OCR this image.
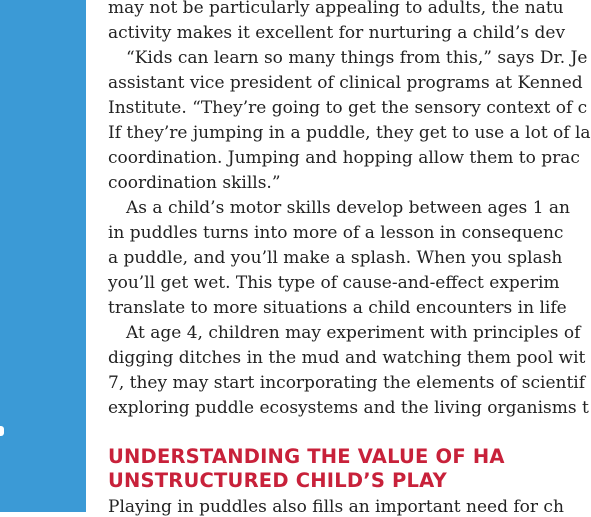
may not be particularly appealing to adults, the natu
activity makes it excellent for nurturing a child’s dev
“Kids can learn so many things from this,” says Dr. Je
assistant vice president of clinical programs at Kenned
Institute. “They’re going to get the sensory context of c
If they’re jumping in a puddle, they get to use a lot of la
coordination. Jumping and hopping allow them to prac
coordination skills.”
As a child’s motor skills develop between ages 1 an
in puddles turns into more of a lesson in consequenc
a puddle, and you’ll make a splash. When you splash
you’ll get wet. This type of cause-and-effect experim
translate to more situations a child encounters in life
At age 4, children may experiment with principles of
digging ditches in the mud and watching them pool wit
7, they may start incorporating the elements of scientif
exploring puddle ecosystems and the living organisms t
UNDERSTANDING THE VALUE OF HA
UNSTRUCTURED CHILD’S PLAY
Playing in puddles also fills an important need for ch
